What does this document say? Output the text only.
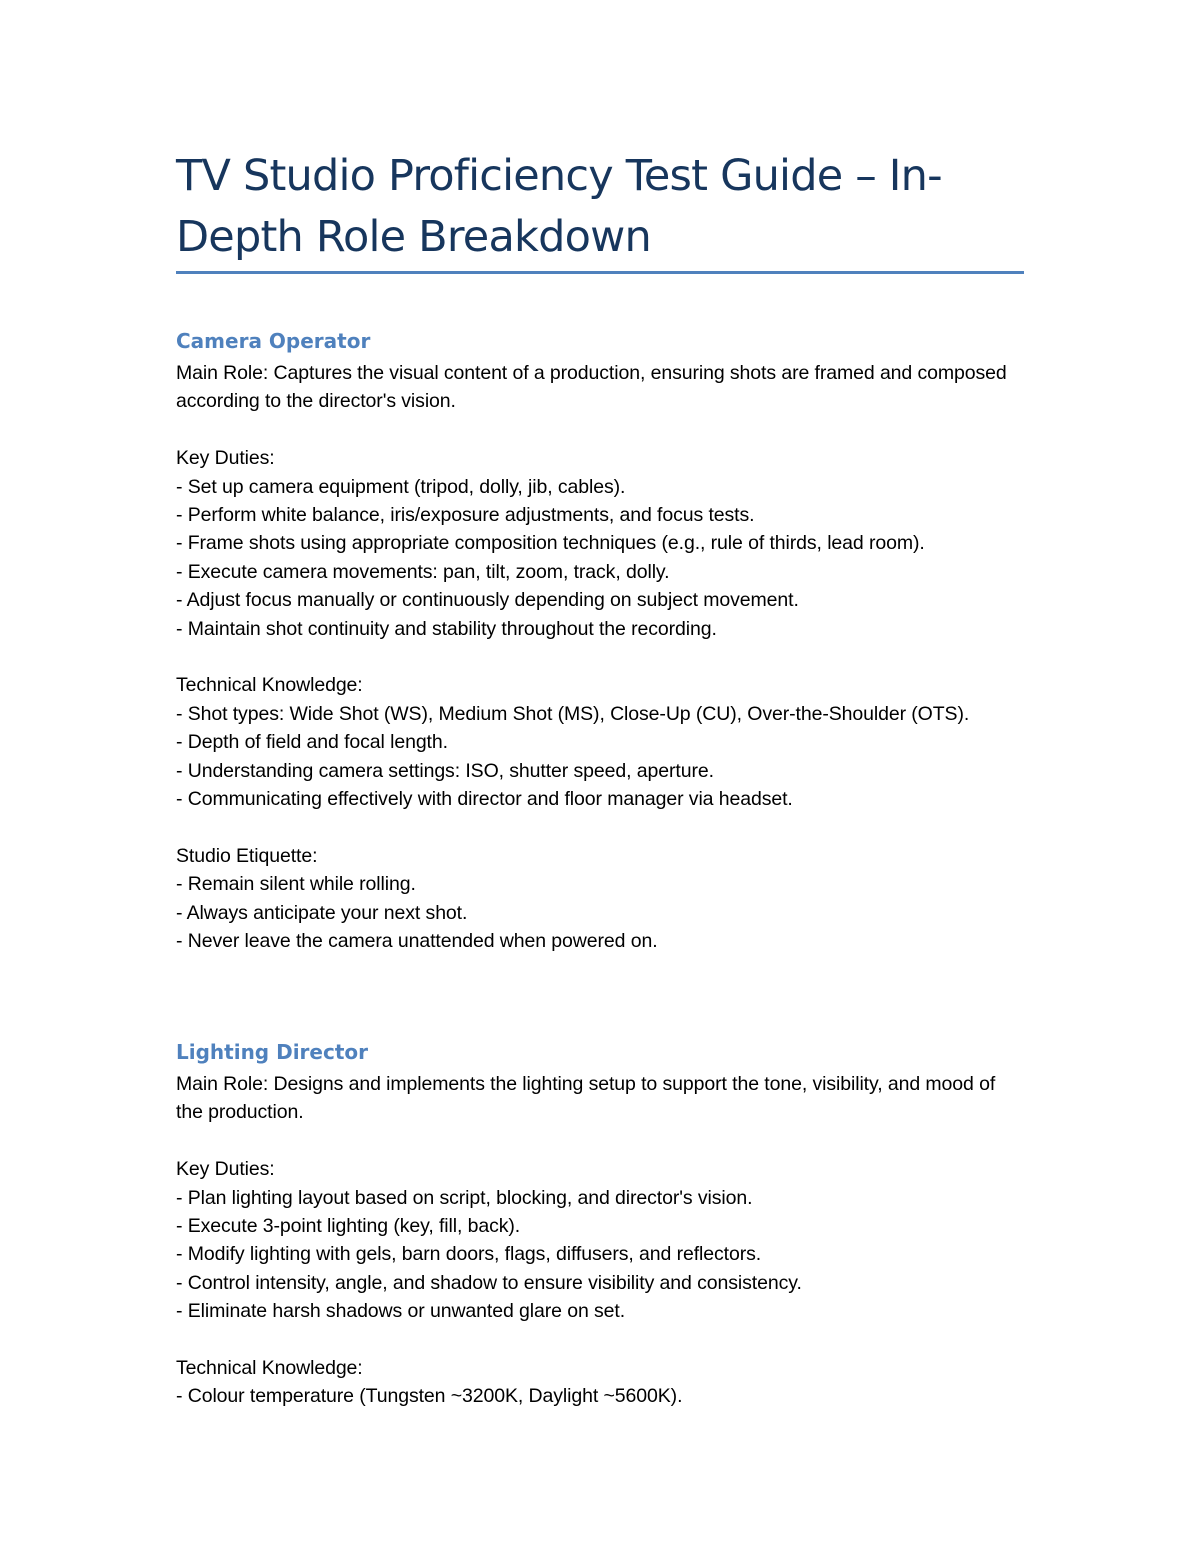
TV Studio Proficiency Test Guide – In-Depth Role Breakdown
Camera Operator

Main Role: Captures the visual content of a production, ensuring shots are framed and composed according to the director's vision.

Key Duties:

- Set up camera equipment (tripod, dolly, jib, cables).
- Perform white balance, iris/exposure adjustments, and focus tests.
- Frame shots using appropriate composition techniques (e.g., rule of thirds, lead room).
- Execute camera movements: pan, tilt, zoom, track, dolly.
- Adjust focus manually or continuously depending on subject movement.
- Maintain shot continuity and stability throughout the recording.

Technical Knowledge:

- Shot types: Wide Shot (WS), Medium Shot (MS), Close-Up (CU), Over-the-Shoulder (OTS).
- Depth of field and focal length.
- Understanding camera settings: ISO, shutter speed, aperture.
- Communicating effectively with director and floor manager via headset.

Studio Etiquette:

- Remain silent while rolling.
- Always anticipate your next shot.
- Never leave the camera unattended when powered on.
Lighting Director

Main Role: Designs and implements the lighting setup to support the tone, visibility, and mood of the production.

Key Duties:

- Plan lighting layout based on script, blocking, and director's vision.
- Execute 3-point lighting (key, fill, back).
- Modify lighting with gels, barn doors, flags, diffusers, and reflectors.
- Control intensity, angle, and shadow to ensure visibility and consistency.
- Eliminate harsh shadows or unwanted glare on set.

Technical Knowledge:

- Colour temperature (Tungsten ~3200K, Daylight ~5600K).
